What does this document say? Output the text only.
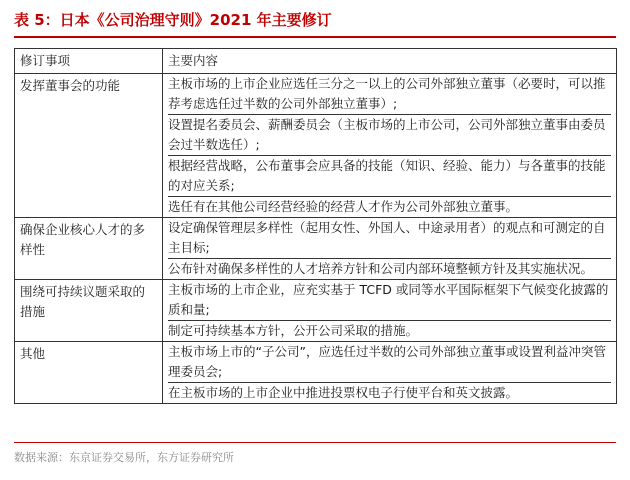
表 5：日本《公司治理守则》2021 年主要修订
修订事项	主要内容
发挥董事会的功能	主板市场的上市企业应选任三分之一以上的公司外部独立董事（必要时，可以推荐考虑选任过半数的公司外部独立董事）;
设置提名委员会、薪酬委员会（主板市场的上市公司，公司外部独立董事由委员会过半数选任）;
根据经营战略，公布董事会应具备的技能（知识、经验、能力）与各董事的技能的对应关系;
选任有在其他公司经营经验的经营人才作为公司外部独立董事。

确保企业核心人才的多样性	设定确保管理层多样性（起用女性、外国人、中途录用者）的观点和可测定的自主目标;
公布针对确保多样性的人才培养方针和公司内部环境整顿方针及其实施状况。

围绕可持续议题采取的措施	主板市场的上市企业，应充实基于 TCFD 或同等水平国际框架下气候变化披露的质和量;
制定可持续基本方针，公开公司采取的措施。

其他	主板市场上市的“子公司”，应选任过半数的公司外部独立董事或设置利益冲突管理委员会;
在主板市场的上市企业中推进投票权电子行使平台和英文披露。
数据来源：东京证券交易所，东方证券研究所
